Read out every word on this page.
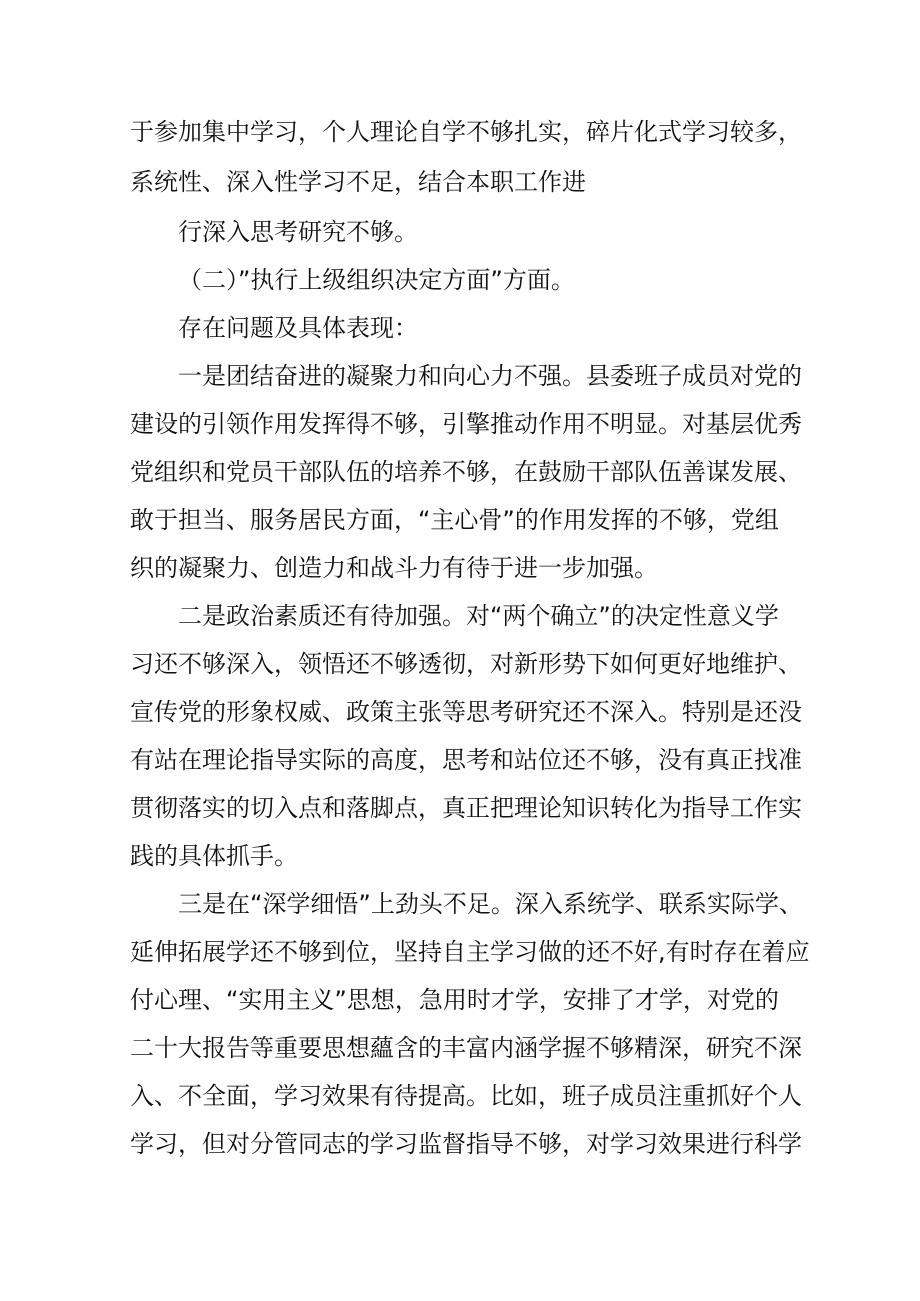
于参加集中学习，个人理论自学不够扎实，碎片化式学习较多，

系统性、深入性学习不足，结合本职工作进

行深入思考研究不够。

（二）”执行上级组织决定方面”方面。

存在问题及具体表现：

一是团结奋进的凝聚力和向心力不强。县委班子成员对党的

建设的引领作用发挥得不够，引擎推动作用不明显。对基层优秀

党组织和党员干部队伍的培养不够，在鼓励干部队伍善谋发展、

敢于担当、服务居民方面，“主心骨”的作用发挥的不够，党组

织的凝聚力、创造力和战斗力有待于进一步加强。

二是政治素质还有待加强。对“两个确立”的决定性意义学

习还不够深入，领悟还不够透彻，对新形势下如何更好地维护、

宣传党的形象权威、政策主张等思考研究还不深入。特别是还没

有站在理论指导实际的高度，思考和站位还不够，没有真正找准

贯彻落实的切入点和落脚点，真正把理论知识转化为指导工作实

践的具体抓手。

三是在“深学细悟”上劲头不足。深入系统学、联系实际学、

延伸拓展学还不够到位，坚持自主学习做的还不好,有时存在着应

付心理、“实用主义”思想，急用时才学，安排了才学，对党的

二十大报告等重要思想蘊含的丰富内涵学握不够精深，研究不深

入、不全面，学习效果有待提高。比如，班子成员注重抓好个人

学习，但对分管同志的学习监督指导不够，对学习效果进行科学
